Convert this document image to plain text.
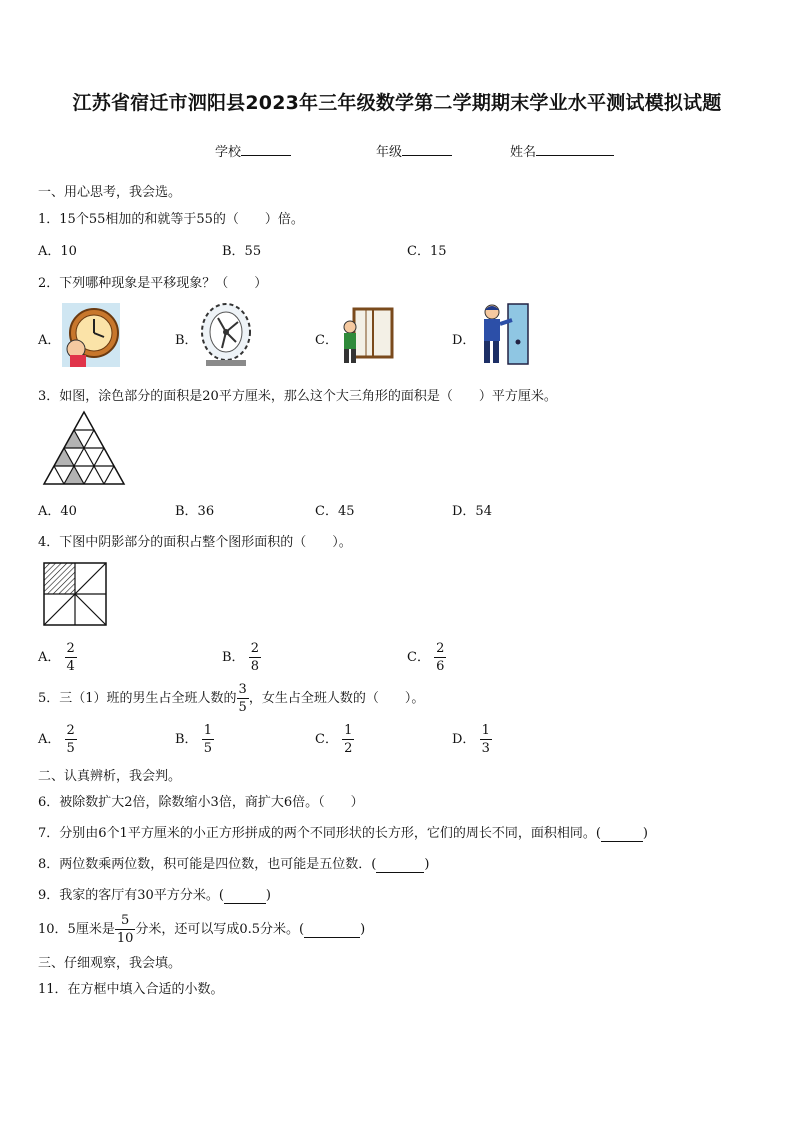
江苏省宿迁市泗阳县2023年三年级数学第二学期期末学业水平测试模拟试题
学校	年级	姓名
一、用心思考，我会选。
1．15个55相加的和就等于55的（　　）倍。
A．10	B．55	C．15
2．下列哪种现象是平移现象？（　　）
A．	B．	C．	D．
3．如图，涂色部分的面积是20平方厘米，那么这个大三角形的面积是（　　）平方厘米。
A．40	B．36	C．45	D．54
4．下图中阴影部分的面积占整个图形面积的（　　）。
A． $\frac{2}{4}$	B． $\frac{2}{8}$	C． $\frac{2}{6}$
5．三（1）班的男生占全班人数的 $\frac{3}{5}$ ，女生占全班人数的（　　）。
A． $\frac{2}{5}$	B． $\frac{1}{5}$	C． $\frac{1}{2}$	D． $\frac{1}{3}$
二、认真辨析，我会判。
6．被除数扩大2倍，除数缩小3倍，商扩大6倍。（　　）
7．分别由6个1平方厘米的小正方形拼成的两个不同形状的长方形，它们的周长不同，面积相同。(	)
8．两位数乘两位数，积可能是四位数，也可能是五位数．(	)
9．我家的客厅有30平方分米。(	)
10．5厘米是 $\frac{5}{10}$ 分米，还可以写成0.5分米。(	)
三、仔细观察，我会填。
11．在方框中填入合适的小数。
